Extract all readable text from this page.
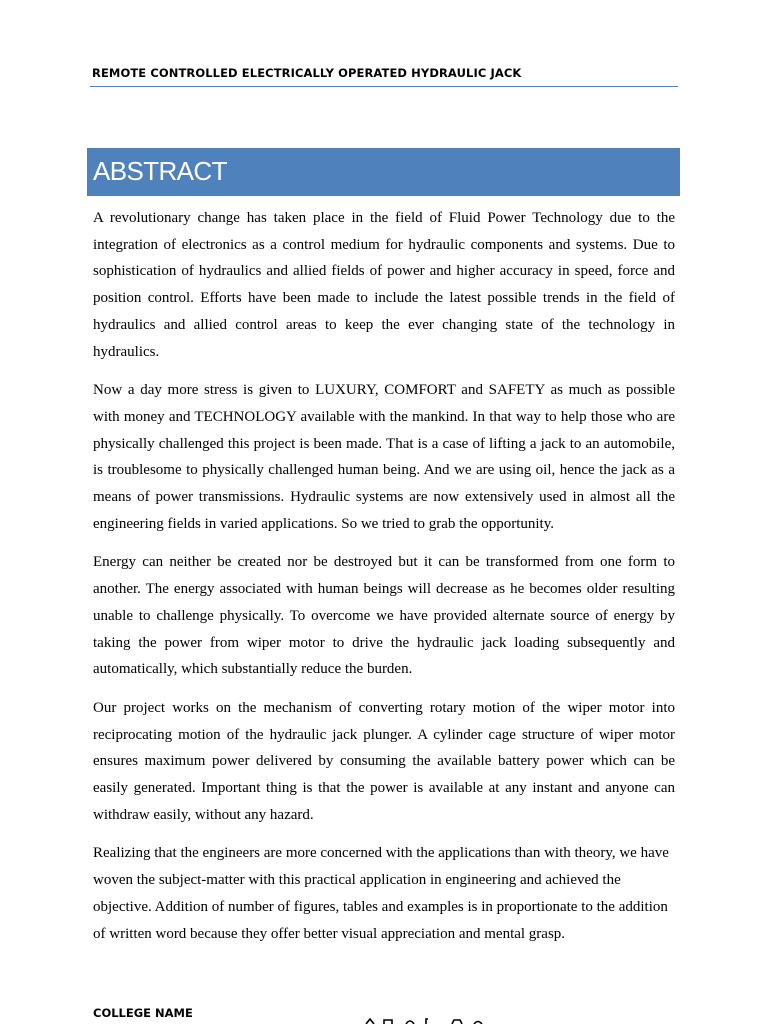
REMOTE CONTROLLED ELECTRICALLY OPERATED HYDRAULIC JACK
ABSTRACT

A revolutionary change has taken place in the field of Fluid Power Technology due to the integration of electronics as a control medium for hydraulic components and systems. Due to sophistication of hydraulics and allied fields of power and higher accuracy in speed, force and position control. Efforts have been made to include the latest possible trends in the field of hydraulics and allied control areas to keep the ever changing state of the technology in hydraulics.

Now a day more stress is given to LUXURY, COMFORT and SAFETY as much as possible with money and TECHNOLOGY available with the mankind. In that way to help those who are physically challenged this project is been made. That is a case of lifting a jack to an automobile, is troublesome to physically challenged human being. And we are using oil, hence the jack as a means of power transmissions. Hydraulic systems are now extensively used in almost all the engineering fields in varied applications. So we tried to grab the opportunity.

Energy can neither be created nor be destroyed but it can be transformed from one form to another. The energy associated with human beings will decrease as he becomes older resulting unable to challenge physically. To overcome we have provided alternate source of energy by taking the power from wiper motor to drive the hydraulic jack loading subsequently and automatically, which substantially reduce the burden.

Our project works on the mechanism of converting rotary motion of the wiper motor into reciprocating motion of the hydraulic jack plunger. A cylinder cage structure of wiper motor ensures maximum power delivered by consuming the available battery power which can be easily generated. Important thing is that the power is available at any instant and anyone can withdraw easily, without any hazard.

Realizing that the engineers are more concerned with the applications than with theory, we have woven the subject-matter with this practical application in engineering and achieved the objective. Addition of number of figures, tables and examples is in proportionate to the addition of written word because they offer better visual appreciation and mental grasp.

COLLEGE NAME
